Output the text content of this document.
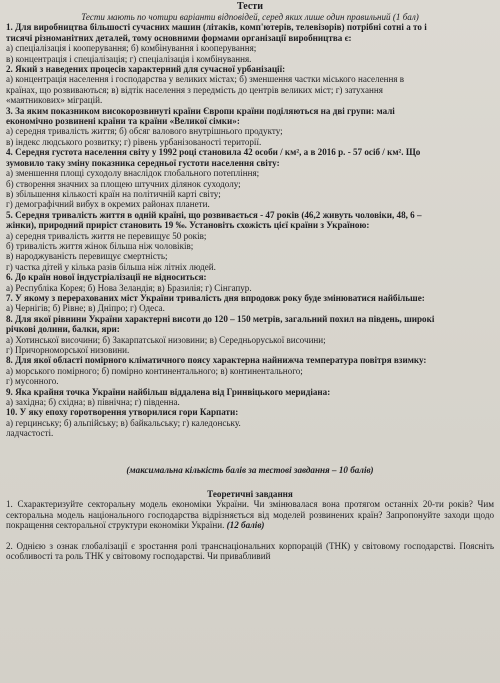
Тести
Тести мають по чотири варіанти відповідей, серед яких лише один правильний (1 бал)

1. Для виробництва більшості сучасних машин (літаків, комп'ютерів, телевізорів) потрібні сотні а то і

тисячі різноманітних деталей, тому основними формами організації виробництва є:

а) спеціалізація і кооперування; б) комбінування і кооперування;

в) концентрація і спеціалізація; г) спеціалізація і комбінування.

2. Який з наведених процесів характерний для сучасної урбанізації:

а) концентрація населення і господарства у великих містах; б) зменшення частки міського населення в

країнах, що розвиваються; в) відтік населення з передмість до центрів великих міст; г) затухання

«маятникових» міграцій.

3. За яким показником високорозвинуті країни Європи країни поділяються на дві групи: малі

економічно розвинені країни та країни «Великої сімки»:

а) середня тривалість життя; б) обсяг валового внутрішнього продукту;

в) індекс людського розвитку; г) рівень урбанізованості території.

4. Середня густота населення світу у 1992 році становила 42 особи / км², а в 2016 р. - 57 осіб / км². Що

зумовило таку зміну показника середньої густоти населення світу:

а) зменшення площі суходолу внаслідок глобального потепління;

б) створення значних за площею штучних ділянок суходолу;

в) збільшення кількості країн на політичній карті світу;

г) демографічний вибух в окремих районах планети.

5. Середня тривалість життя в одній країні, що розвивається - 47 років (46,2 живуть чоловіки, 48, 6 –

жінки), природний приріст становить 19 ‰. Установіть схожість цієї країни з Україною:

а) середня тривалість життя не перевищує 50 років;

б) тривалість життя жінок більша ніж чоловіків;

в) народжуваність перевищує смертність;

г) частка дітей у кілька разів більша ніж літніх людей.

6. До країн нової індустріалізації не відноситься:

а) Республіка Корея; б) Нова Зеландія; в) Бразилія; г) Сінгапур.

7. У якому з перерахованих міст України тривалість дня впродовж року буде змінюватися найбільше:

а) Чернігів; б) Рівне; в) Дніпро; г) Одеса.

8. Для якої рівнини України характерні висоти до 120 – 150 метрів, загальний похил на південь, широкі

річкові долини, балки, яри:

а) Хотинської височини; б) Закарпатської низовини; в) Середньоруської височини;

г) Причорноморської низовини.

8. Для якої області помірного кліматичного поясу характерна найнижча температура повітря взимку:

а) морського помірного; б) помірно континентального; в) континентального;

г) мусонного.

9. Яка крайня точка України найбільш віддалена від Гринвіцького меридіана:

а) західна; б) східна; в) північна; г) південна.

10. У яку епоху горотворення утворилися гори Карпати:

а) герцинську; б) альпійську; в) байкальську; г) каледонську.

ладчастості.

(максимальна кількість балів за тестові завдання – 10 балів)

Теоретичні завдання

1. Схарактеризуйте секторальну модель економіки України. Чи змінювалася вона протягом останніх 20-ти років? Чим секторальна модель національного господарства відрізняється від моделей розвинених країн? Запропонуйте заходи щодо покращення секторальної структури економіки України. (12 балів)

2. Однією з ознак глобалізації є зростання ролі транснаціональних корпорацій (ТНК) у світовому господарстві. Поясніть особливості та роль ТНК у світовому господарстві. Чи привабливий
